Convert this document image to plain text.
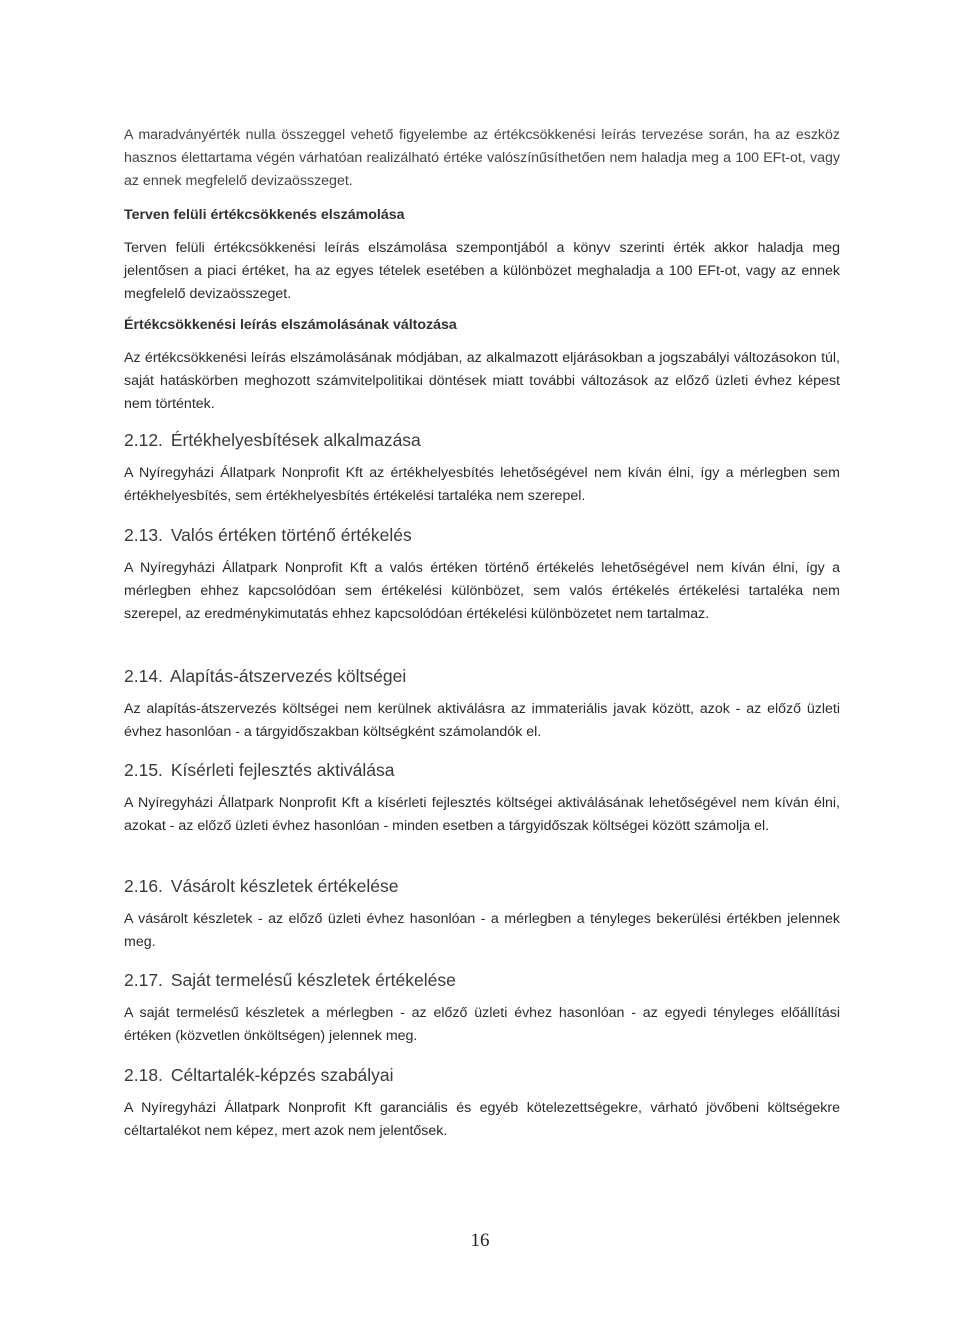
A maradványérték nulla összeggel vehető figyelembe az értékcsökkenési leírás tervezése során, ha az eszköz hasznos élettartama végén várhatóan realizálható értéke valószínűsíthetően nem haladja meg a 100 EFt-ot, vagy az ennek megfelelő devizaösszeget.

Terven felüli értékcsökkenés elszámolása

Terven felüli értékcsökkenési leírás elszámolása szempontjából a könyv szerinti érték akkor haladja meg jelentősen a piaci értéket, ha az egyes tételek esetében a különbözet meghaladja a 100 EFt-ot, vagy az ennek megfelelő devizaösszeget.

Értékcsökkenési leírás elszámolásának változása

Az értékcsökkenési leírás elszámolásának módjában, az alkalmazott eljárásokban a jogszabályi változásokon túl, saját hatáskörben meghozott számvitelpolitikai döntések miatt további változások az előző üzleti évhez képest nem történtek.

2.12. Értékhelyesbítések alkalmazása

A Nyíregyházi Állatpark Nonprofit Kft az értékhelyesbítés lehetőségével nem kíván élni, így a mérlegben sem értékhelyesbítés, sem értékhelyesbítés értékelési tartaléka nem szerepel.

2.13. Valós értéken történő értékelés

A Nyíregyházi Állatpark Nonprofit Kft a valós értéken történő értékelés lehetőségével nem kíván élni, így a mérlegben ehhez kapcsolódóan sem értékelési különbözet, sem valós értékelés értékelési tartaléka nem szerepel, az eredménykimutatás ehhez kapcsolódóan értékelési különbözetet nem tartalmaz.

2.14. Alapítás-átszervezés költségei

Az alapítás-átszervezés költségei nem kerülnek aktiválásra az immateriális javak között, azok - az előző üzleti évhez hasonlóan - a tárgyidőszakban költségként számolandók el.

2.15. Kísérleti fejlesztés aktiválása

A Nyíregyházi Állatpark Nonprofit Kft a kísérleti fejlesztés költségei aktiválásának lehetőségével nem kíván élni, azokat - az előző üzleti évhez hasonlóan - minden esetben a tárgyidőszak költségei között számolja el.

2.16. Vásárolt készletek értékelése

A vásárolt készletek - az előző üzleti évhez hasonlóan - a mérlegben a tényleges bekerülési értékben jelennek meg.

2.17. Saját termelésű készletek értékelése

A saját termelésű készletek a mérlegben - az előző üzleti évhez hasonlóan - az egyedi tényleges előállítási értéken (közvetlen önköltségen) jelennek meg.

2.18. Céltartalék-képzés szabályai

A Nyíregyházi Állatpark Nonprofit Kft garanciális és egyéb kötelezettségekre, várható jövőbeni költségekre céltartalékot nem képez, mert azok nem jelentősek.

16
